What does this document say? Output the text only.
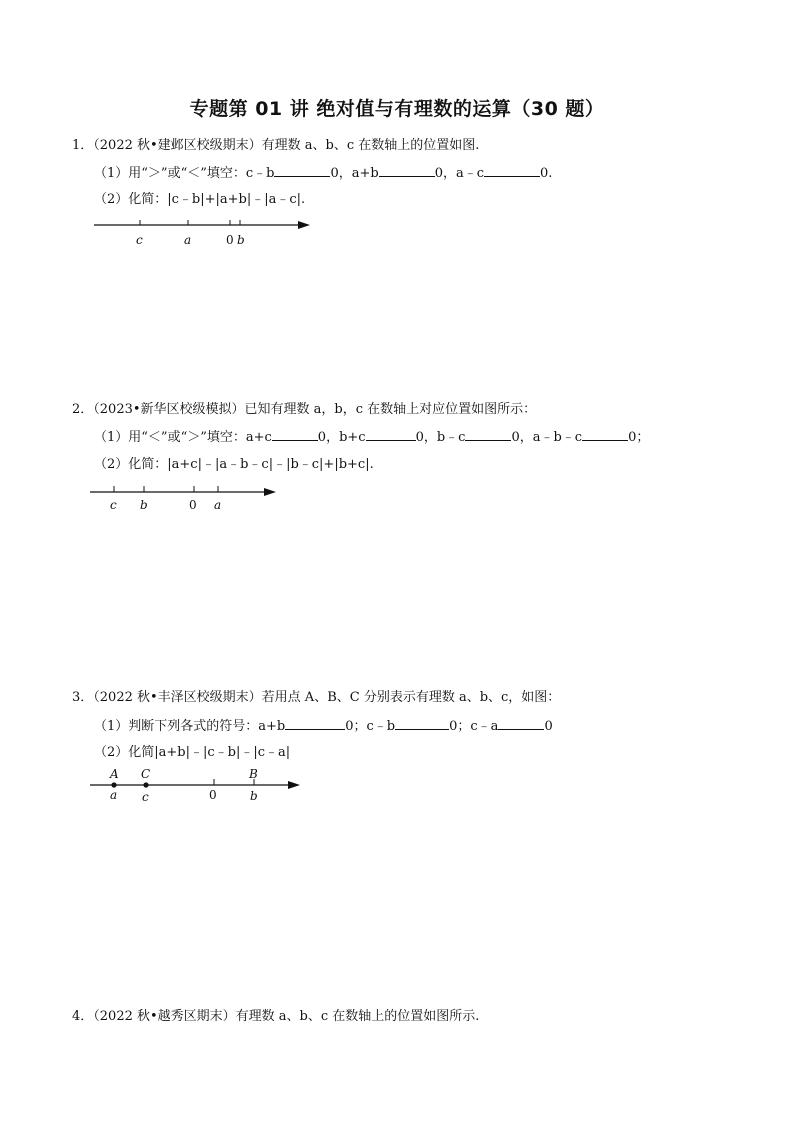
专题第 01 讲 绝对值与有理数的运算（30 题）
1．（2022 秋•建邺区校级期末）有理数 a、b、c 在数轴上的位置如图.
（1）用“＞”或“＜”填空：c﹣b	0，a+b	0，a﹣c	0.
（2）化简：|c﹣b|+|a+b|﹣|a﹣c|.
c	a	0 b
2．（2023•新华区校级模拟）已知有理数 a，b，c 在数轴上对应位置如图所示：
（1）用“＜”或“＞”填空：a+c	0，b+c	0，b﹣c	0，a﹣b﹣c	0；
（2）化简：|a+c|﹣|a﹣b﹣c|﹣|b﹣c|+|b+c|.
c b	0 a
3．（2022 秋•丰泽区校级期末）若用点 A、B、C 分别表示有理数 a、b、c，如图：
（1）判断下列各式的符号：a+b	0；c﹣b	0；c﹣a	0
（2）化简|a+b|﹣|c﹣b|﹣|c﹣a|
A C	B
a c	0	b
4．（2022 秋•越秀区期末）有理数 a、b、c 在数轴上的位置如图所示.
